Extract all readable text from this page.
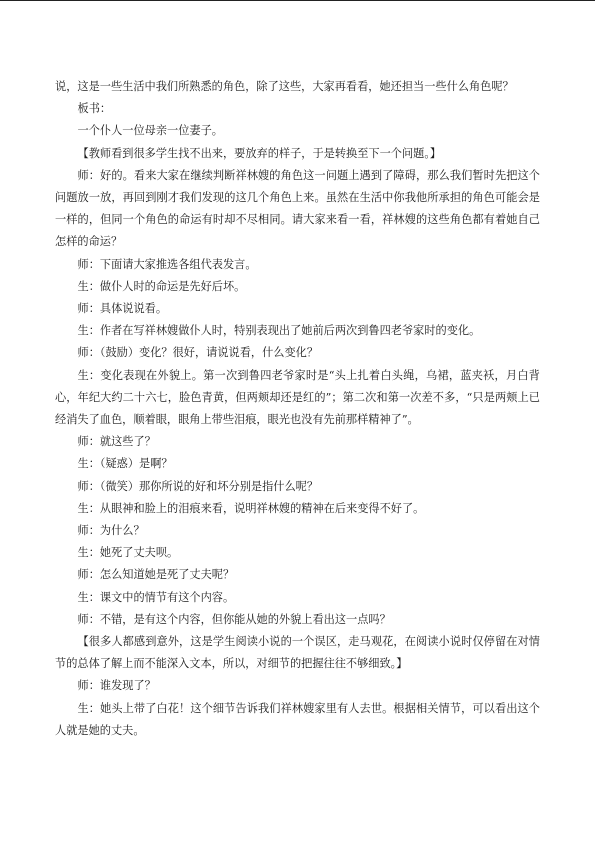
说，这是一些生活中我们所熟悉的角色，除了这些，大家再看看，她还担当一些什么角色呢？

板书：

一个仆人一位母亲一位妻子。

【教师看到很多学生找不出来，要放弃的样子，于是转换至下一个问题。】

师：好的。看来大家在继续判断祥林嫂的角色这一问题上遇到了障碍，那么我们暂时先把这个问题放一放，再回到刚才我们发现的这几个角色上来。虽然在生活中你我他所承担的角色可能会是一样的，但同一个角色的命运有时却不尽相同。请大家来看一看，祥林嫂的这些角色都有着她自己怎样的命运？

师：下面请大家推选各组代表发言。

生：做仆人时的命运是先好后坏。

师：具体说说看。

生：作者在写祥林嫂做仆人时，特别表现出了她前后两次到鲁四老爷家时的变化。

师：（鼓励）变化？很好，请说说看，什么变化？

生：变化表现在外貌上。第一次到鲁四老爷家时是“头上扎着白头绳，乌裙，蓝夹袄，月白背心，年纪大约二十六七，脸色青黄，但两颊却还是红的”；第二次和第一次差不多，“只是两颊上已经消失了血色，顺着眼，眼角上带些泪痕，眼光也没有先前那样精神了”。

师：就这些了？

生：（疑惑）是啊？

师：（微笑）那你所说的好和坏分别是指什么呢？

生：从眼神和脸上的泪痕来看，说明祥林嫂的精神在后来变得不好了。

师：为什么？

生：她死了丈夫呗。

师：怎么知道她是死了丈夫呢？

生：课文中的情节有这个内容。

师：不错，是有这个内容，但你能从她的外貌上看出这一点吗？

【很多人都感到意外，这是学生阅读小说的一个误区，走马观花，在阅读小说时仅停留在对情节的总体了解上而不能深入文本，所以，对细节的把握往往不够细致。】

师：谁发现了？

生：她头上带了白花！这个细节告诉我们祥林嫂家里有人去世。根据相关情节，可以看出这个人就是她的丈夫。
